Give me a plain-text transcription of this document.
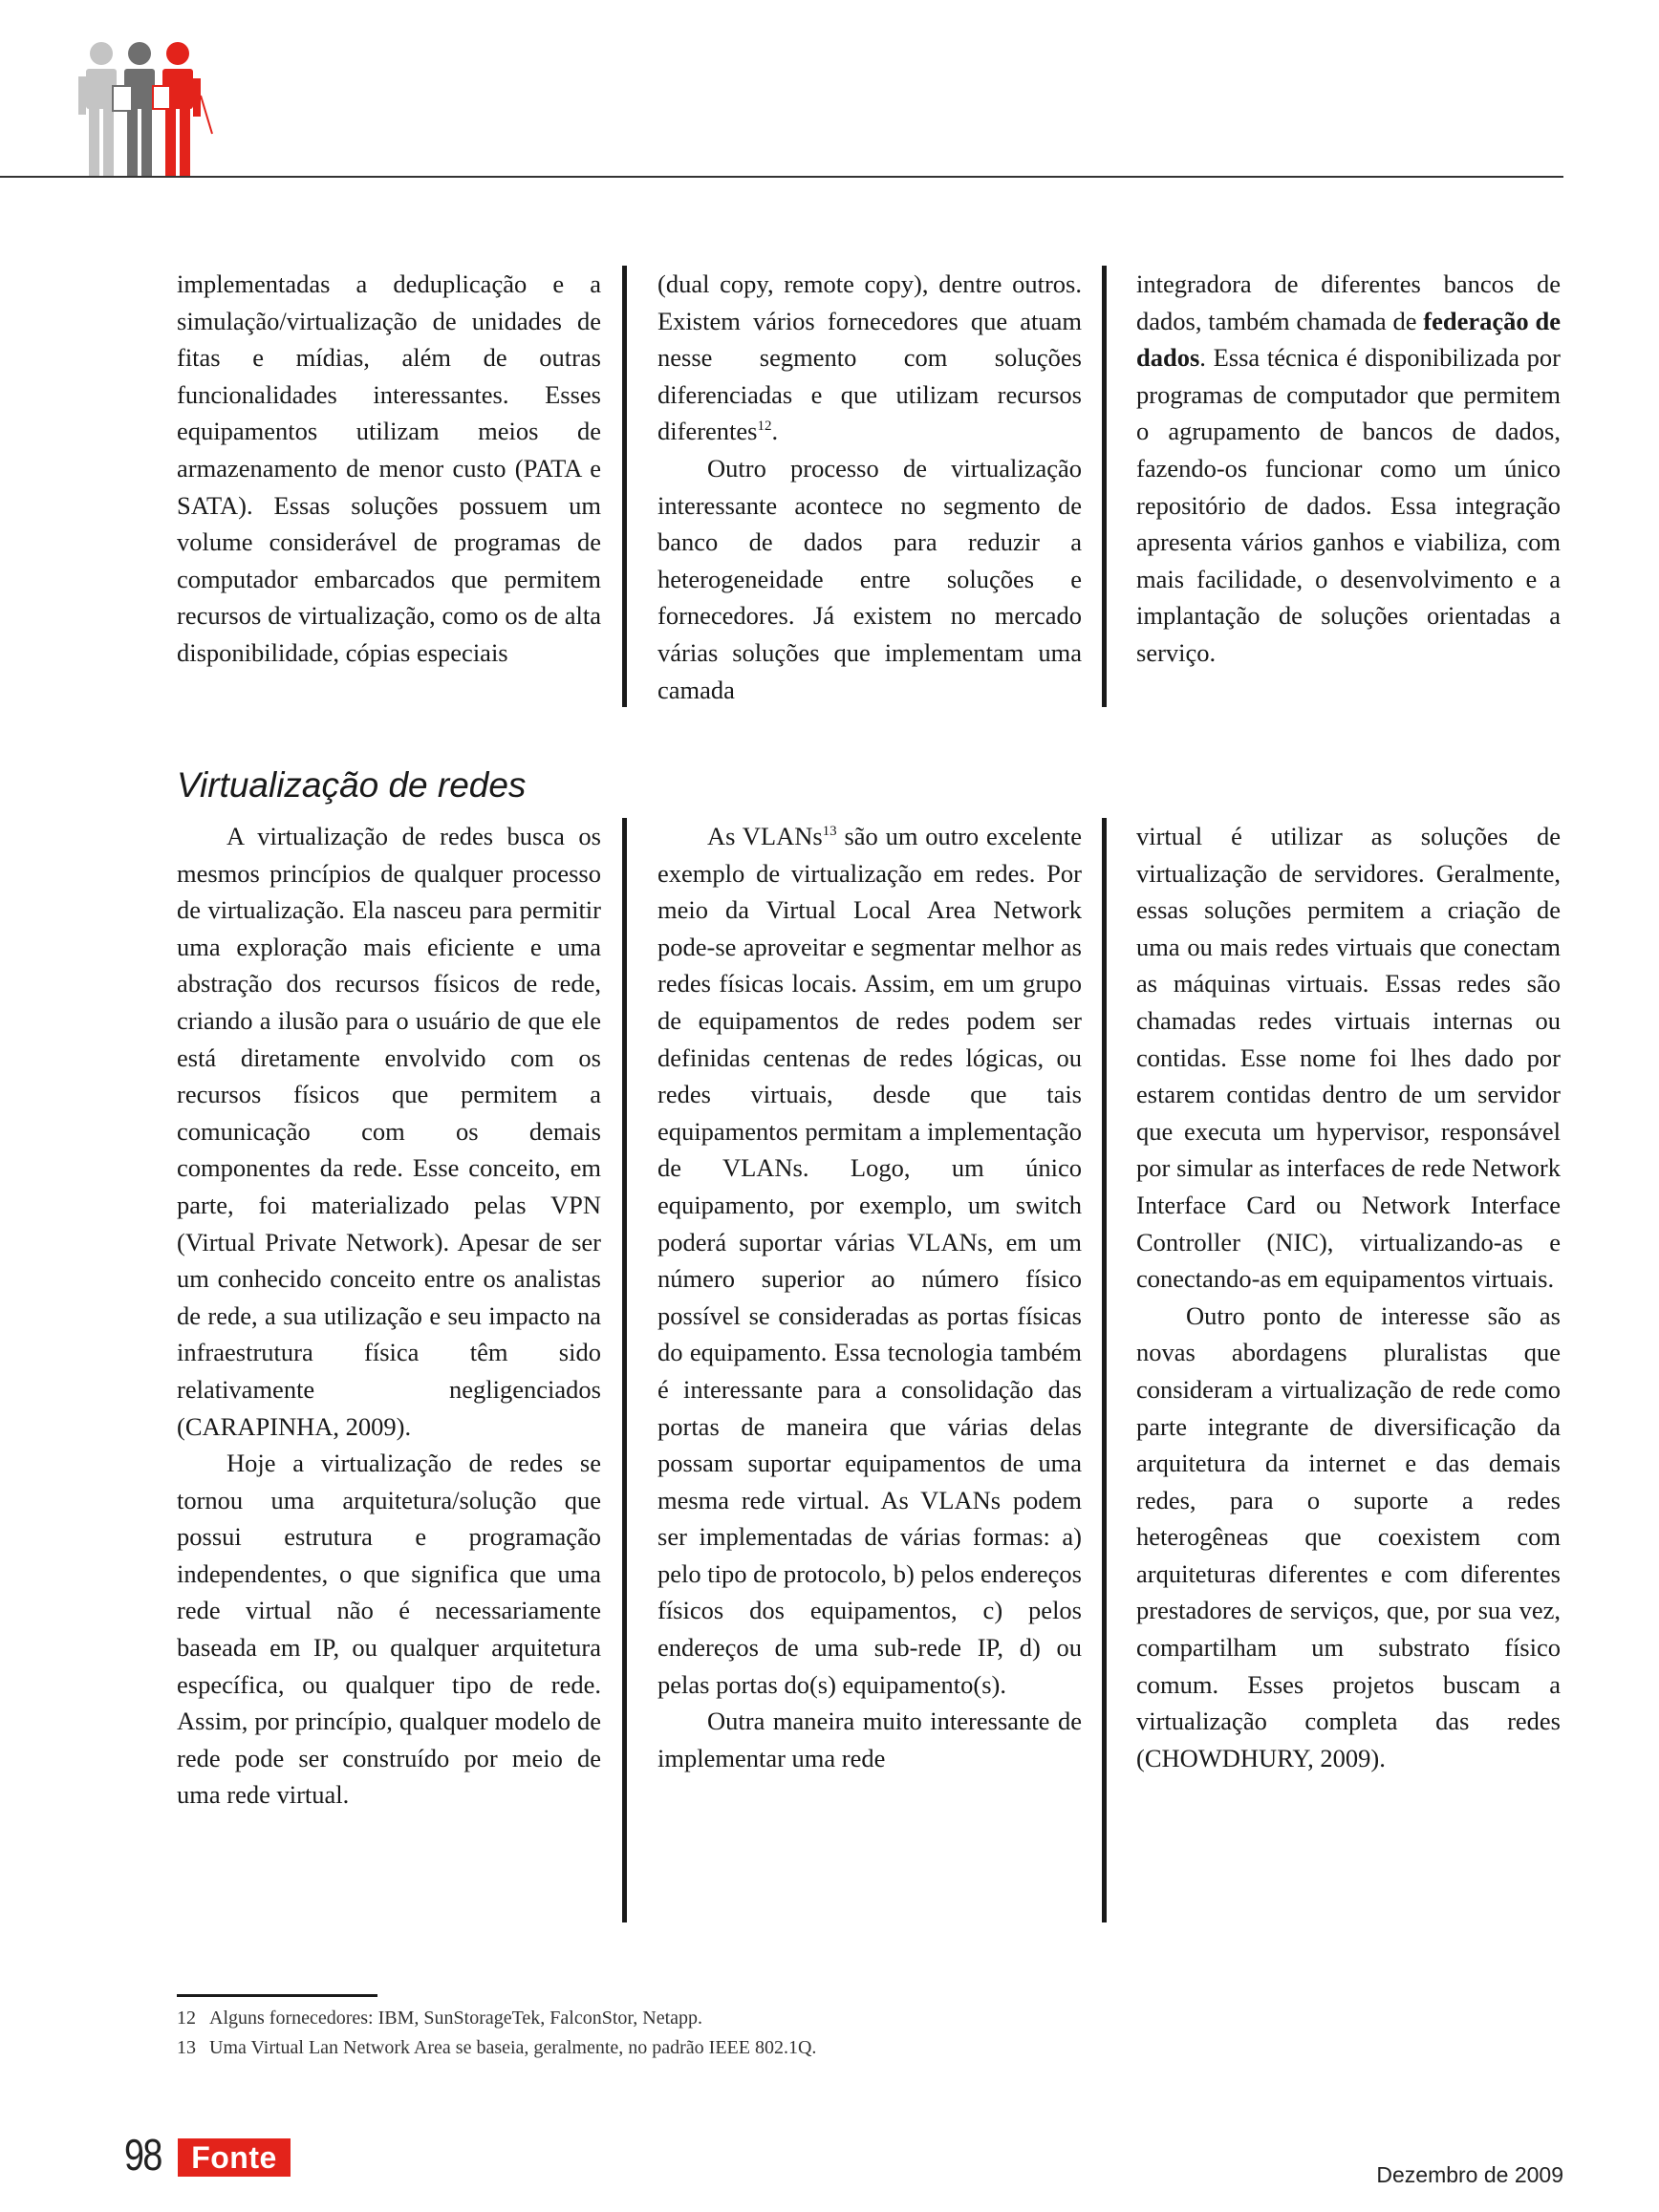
implementadas a deduplicação e a simulação/virtualização de unidades de fitas e mídias, além de outras funcionalidades interessantes. Esses equipamentos utilizam meios de armazenamento de menor custo (PATA e SATA). Essas soluções possuem um volume considerável de programas de computador embarcados que permitem recursos de virtualização, como os de alta disponibilidade, cópias especiais

(dual copy, remote copy), dentre outros. Existem vários fornecedores que atuam nesse segmento com soluções diferenciadas e que utilizam recursos diferentes$^{12}$.

Outro processo de virtualização interessante acontece no segmento de banco de dados para reduzir a heterogeneidade entre soluções e fornecedores. Já existem no mercado várias soluções que implementam uma camada

integradora de diferentes bancos de dados, também chamada de federação de dados. Essa técnica é disponibilizada por programas de computador que permitem o agrupamento de bancos de dados, fazendo-os funcionar como um único repositório de dados. Essa integração apresenta vários ganhos e viabiliza, com mais facilidade, o desenvolvimento e a implantação de soluções orientadas a serviço.

Virtualização de redes

A virtualização de redes busca os mesmos princípios de qualquer processo de virtualização. Ela nasceu para permitir uma exploração mais eficiente e uma abstração dos recursos físicos de rede, criando a ilusão para o usuário de que ele está diretamente envolvido com os recursos físicos que permitem a comunicação com os demais componentes da rede. Esse conceito, em parte, foi materializado pelas VPN (Virtual Private Network). Apesar de ser um conhecido conceito entre os analistas de rede, a sua utilização e seu impacto na infraestrutura física têm sido relativamente negligenciados (CARAPINHA, 2009).

Hoje a virtualização de redes se tornou uma arquitetura/solução que possui estrutura e programação independentes, o que significa que uma rede virtual não é necessariamente baseada em IP, ou qualquer arquitetura específica, ou qualquer tipo de rede. Assim, por princípio, qualquer modelo de rede pode ser construído por meio de uma rede virtual.

As VLANs$^{13}$ são um outro excelente exemplo de virtualização em redes. Por meio da Virtual Local Area Network pode-se aproveitar e segmentar melhor as redes físicas locais. Assim, em um grupo de equipamentos de redes podem ser definidas centenas de redes lógicas, ou redes virtuais, desde que tais equipamentos permitam a implementação de VLANs. Logo, um único equipamento, por exemplo, um switch poderá suportar várias VLANs, em um número superior ao número físico possível se consideradas as portas físicas do equipamento. Essa tecnologia também é interessante para a consolidação das portas de maneira que várias delas possam suportar equipamentos de uma mesma rede virtual. As VLANs podem ser implementadas de várias formas: a) pelo tipo de protocolo, b) pelos endereços físicos dos equipamentos, c) pelos endereços de uma sub-rede IP, d) ou pelas portas do(s) equipamento(s).

Outra maneira muito interessante de implementar uma rede

virtual é utilizar as soluções de virtualização de servidores. Geralmente, essas soluções permitem a criação de uma ou mais redes virtuais que conectam as máquinas virtuais. Essas redes são chamadas redes virtuais internas ou contidas. Esse nome foi lhes dado por estarem contidas dentro de um servidor que executa um hypervisor, responsável por simular as interfaces de rede Network Interface Card ou Network Interface Controller (NIC), virtualizando-as e conectando-as em equipamentos virtuais.

Outro ponto de interesse são as novas abordagens pluralistas que consideram a virtualização de rede como parte integrante de diversificação da arquitetura da internet e das demais redes, para o suporte a redes heterogêneas que coexistem com arquiteturas diferentes e com diferentes prestadores de serviços, que, por sua vez, compartilham um substrato físico comum. Esses projetos buscam a virtualização completa das redes (CHOWDHURY, 2009).

12 Alguns fornecedores: IBM, SunStorageTek, FalconStor, Netapp.
13 Uma Virtual Lan Network Area se baseia, geralmente, no padrão IEEE 802.1Q.
98 Fonte	Dezembro de 2009
